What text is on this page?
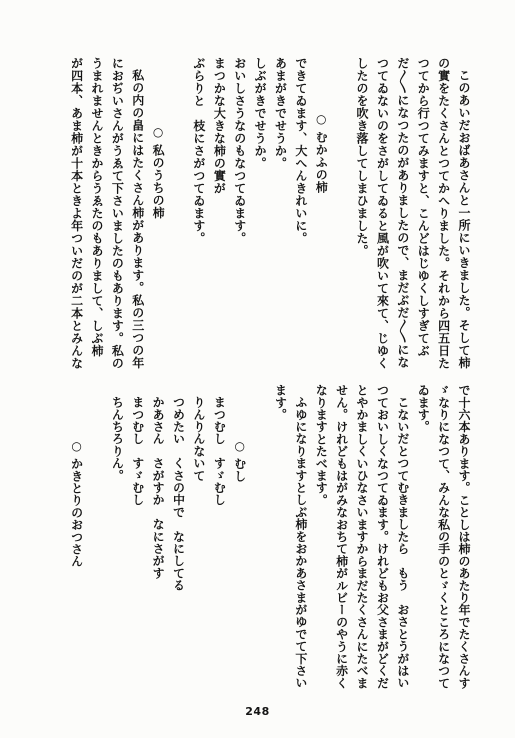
このあいだおばあさんと一所にいきました。そして柿

の實をたくさんとつてかへりました。それから四五日た

つてから行つてみますと、こんどはじゆくしすぎてぶ

だ〳〵になつたのがありましたので、まだぶだ〳〵にな

つてゐないのをさがしてゐると風が吹いて來て、じゆく

したのを吹き落してしまひました。

○ むかふの柿

できてゐます、大へんきれいに。

あまがきでせうか。

しぶがきでせうか。

おいしさうなのもなつてゐます。

まつかな大きな柿の實が

ぶらりと　枝にさがつてゐます。

○ 私のうちの柿

私の内の畠にはたくさん柿があります。私の三つの年

におぢいさんがうゑて下さいましたのもあります。私の

うまれませんときからうゑたのもありまして、しぶ柿

が四本、あま柿が十本ときよ年ついだのが二本とみんな

で十六本あります。ことしは柿のあたり年でたくさんす

ゞなりになつて、みんな私の手のとゞくところになつて

ゐます。

こないだとつてむきましたら　もう　おさとうがはい

つておいしくなつてゐます。けれどもお父さまがどくだ

とやかましくいひなさいますからまだたくさんにたべま

せん。けれどもはがみなおちて柿がルビーのやうに赤く

なりますとたべます。

ふゆになりますとしぶ柿をおかあさまがゆでて下さい

ます。

○ むし

まつむし　すゞむし

りんりんないて

つめたい　くさの中で　なにしてる

かあさん　さがすか　なにさがす

まつむし　すゞむし

ちんちろりん。

○ かきとりのおつさん

248
